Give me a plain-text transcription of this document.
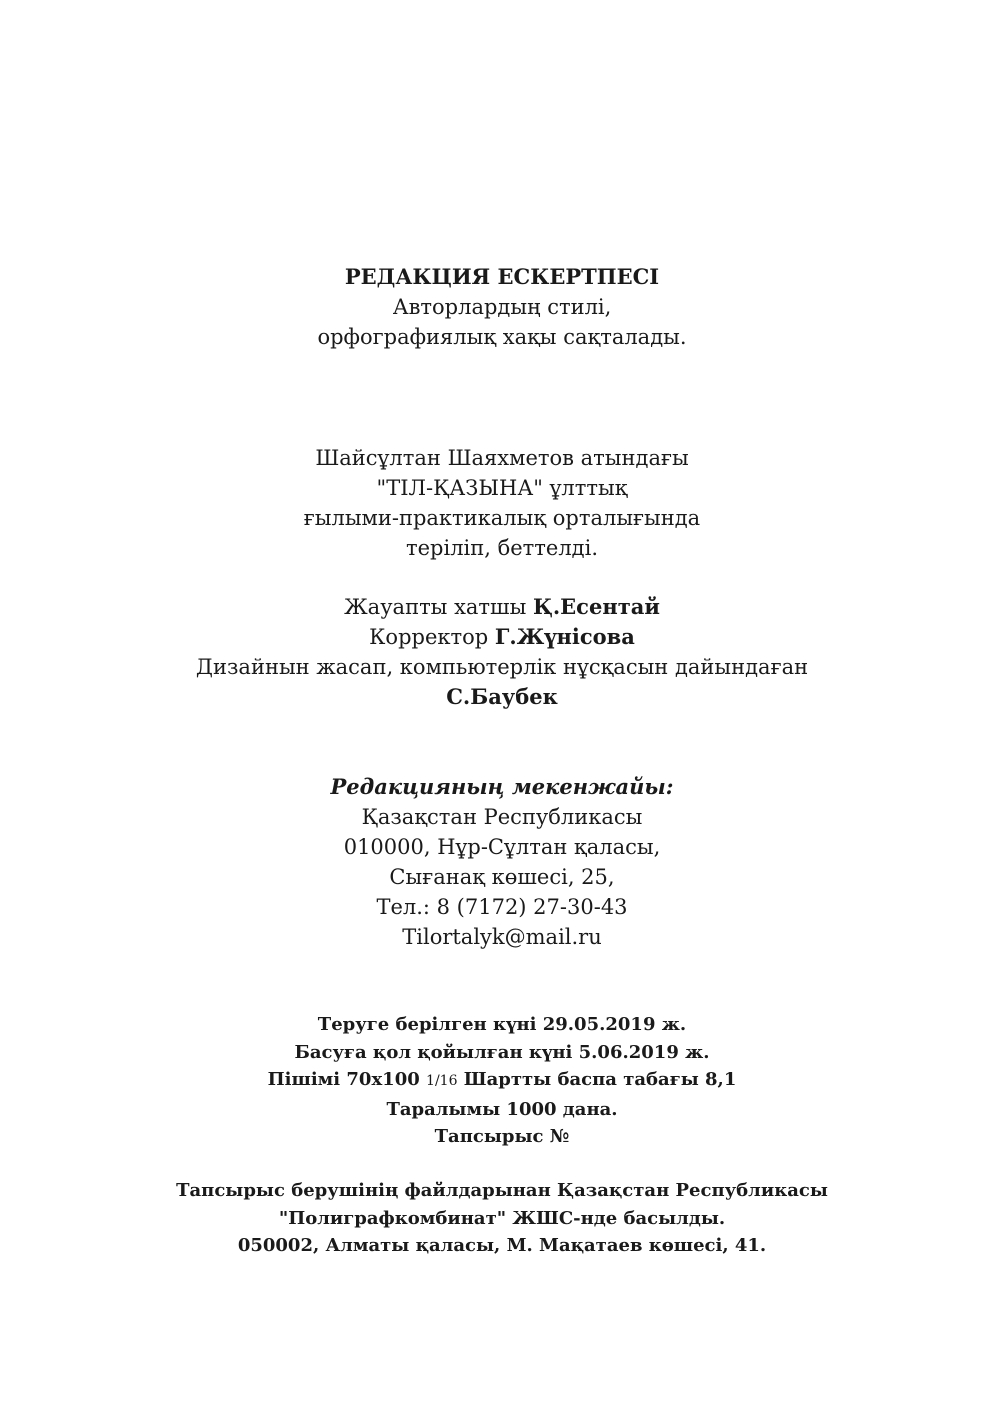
РЕДАКЦИЯ ЕСКЕРТПЕСІ
Авторлардың стилі,
орфографиялық хақы сақталады.
Шайсұлтан Шаяхметов атындағы
"ТІЛ-ҚАЗЫНА" ұлттық
ғылыми-практикалық орталығында
теріліп, беттелді.
Жауапты хатшы Қ.Есентай
Корректор Г.Жүнісова
Дизайнын жасап, компьютерлік нұсқасын дайындаған
С.Баубек
Редакцияның мекенжайы:
Қазақстан Республикасы
010000, Нұр-Сұлтан қаласы,
Сығанақ көшесі, 25,
Тел.: 8 (7172) 27-30-43
Tilortalyk@mail.ru
Теруге берілген күні 29.05.2019 ж.
Басуға қол қойылған күні 5.06.2019 ж.
Пішімі 70х100 1/16 Шартты баспа табағы 8,1
Таралымы 1000 дана.
Тапсырыс №
Тапсырыс берушінің файлдарынан Қазақстан Республикасы
"Полиграфкомбинат" ЖШС-нде басылды.
050002, Алматы қаласы, М. Мақатаев көшесі, 41.
